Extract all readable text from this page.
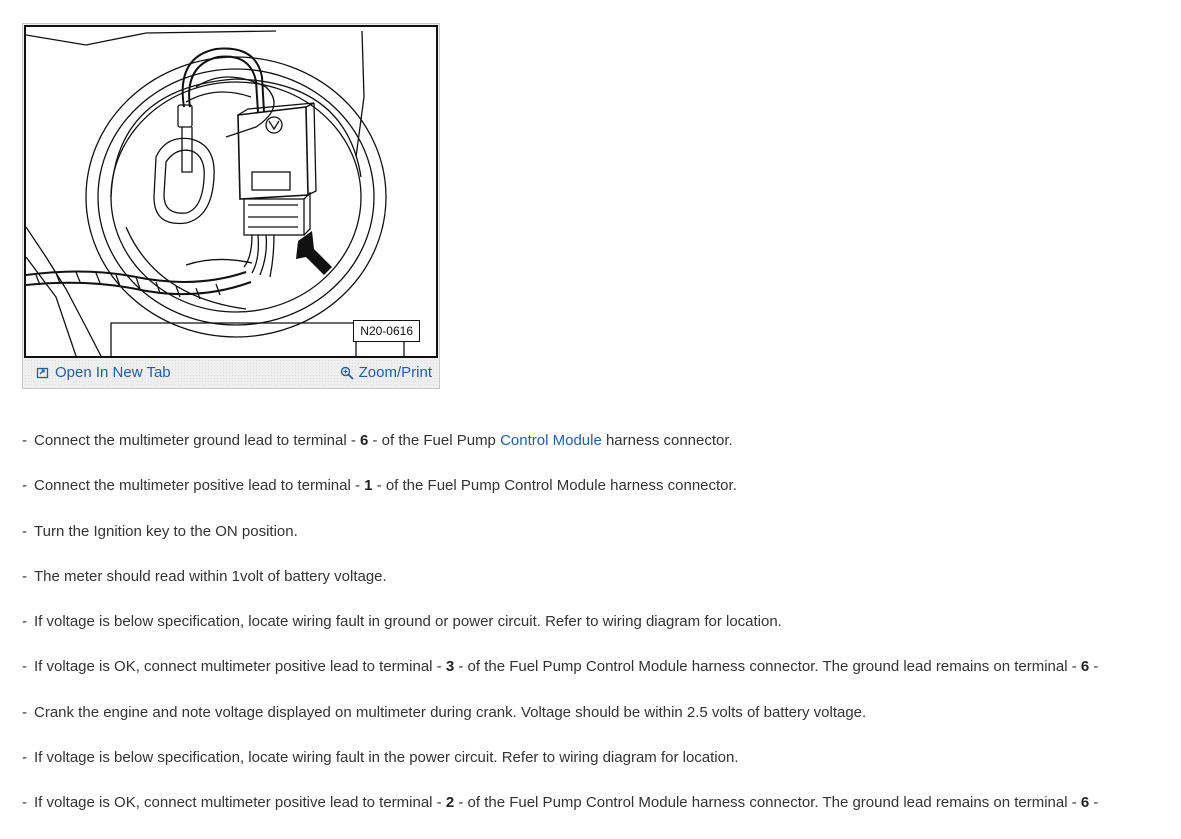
N20-0616
Open In New Tab	Zoom/Print
- Connect the multimeter ground lead to terminal - 6 - of the Fuel Pump Control Module harness connector.
- Connect the multimeter positive lead to terminal - 1 - of the Fuel Pump Control Module harness connector.
- Turn the Ignition key to the ON position.
- The meter should read within 1volt of battery voltage.
- If voltage is below specification, locate wiring fault in ground or power circuit. Refer to wiring diagram for location.
- If voltage is OK, connect multimeter positive lead to terminal - 3 - of the Fuel Pump Control Module harness connector. The ground lead remains on terminal - 6 -
- Crank the engine and note voltage displayed on multimeter during crank. Voltage should be within 2.5 volts of battery voltage.
- If voltage is below specification, locate wiring fault in the power circuit. Refer to wiring diagram for location.
- If voltage is OK, connect multimeter positive lead to terminal - 2 - of the Fuel Pump Control Module harness connector. The ground lead remains on terminal - 6 -
